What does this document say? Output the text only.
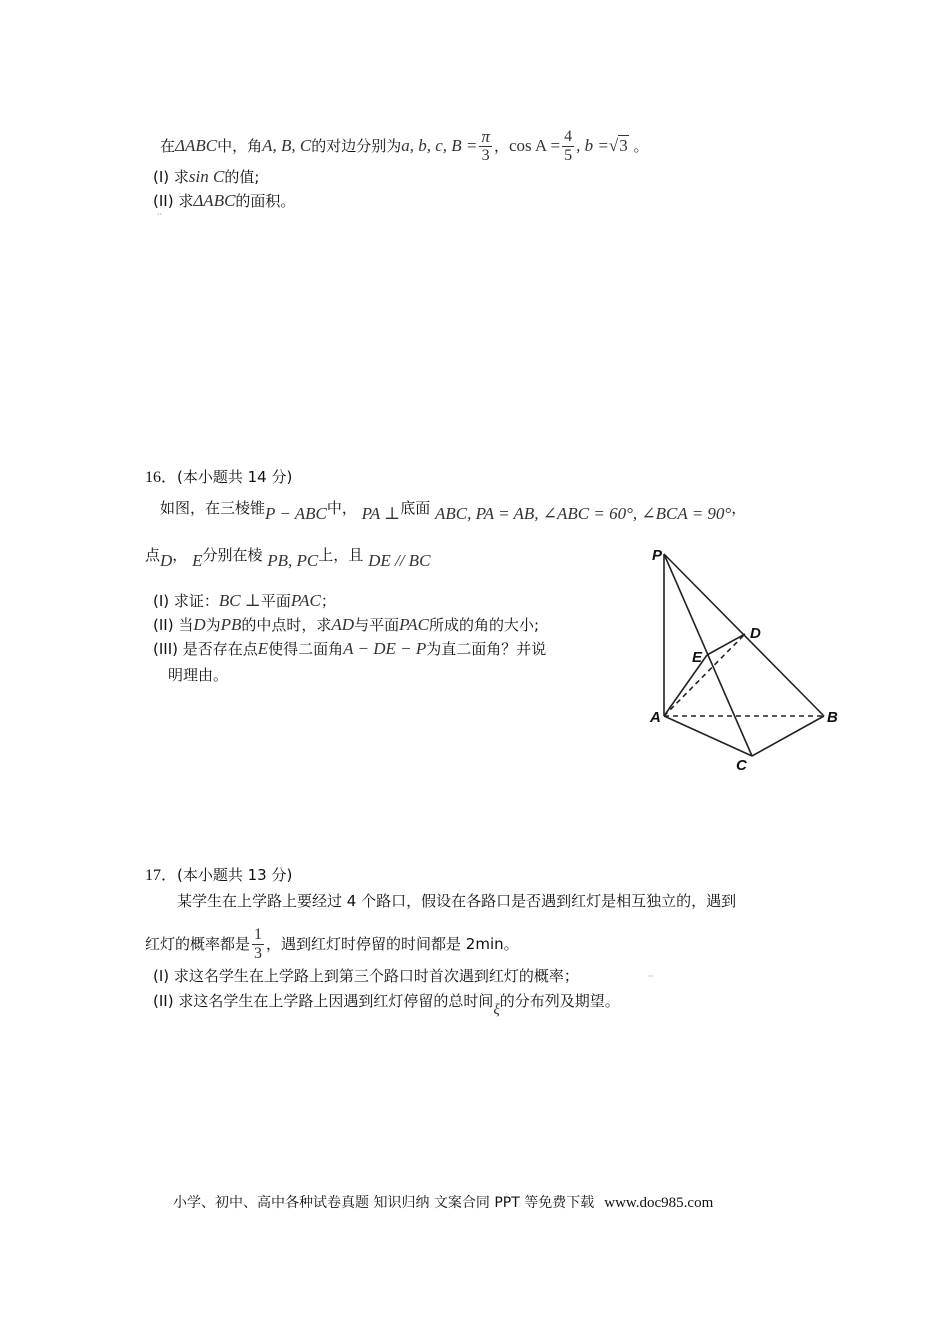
在ΔABC中，角A, B, C的对边分别为a, b, c, $B = \frac{\pi}{3}$ ，$\cos A = \frac{4}{5}$ , b =√3 。
(I) 求sin C的值;
(II) 求ΔABC的面积。
··
16．(本小题共 14 分)
如图，在三棱锥P − ABC中， PA ⊥底面 ABC, PA = AB, ∠ABC = 60°, ∠BCA = 90°，
点D， E分别在棱 PB, PC上，且 DE // BC
(I) 求证：BC ⊥平面PAC；
(II) 当D为PB的中点时，求AD与平面PAC所成的角的大小;
(III) 是否存在点E使得二面角A − DE − P为直二面角？并说
明理由。
P
D
E
A	B
C
17．(本小题共 13 分)
某学生在上学路上要经过 4 个路口，假设在各路口是否遇到红灯是相互独立的，遇到
红灯的概率都是 $\frac{1}{3}$ ，遇到红灯时停留的时间都是 2min。
(I) 求这名学生在上学路上到第三个路口时首次遇到红灯的概率；	··
(II) 求这名学生在上学路上因遇到红灯停留的总时间ξ的分布列及期望。
小学、初中、高中各种试卷真题 知识归纳 文案合同 PPT 等免费下载 www.doc985.com
